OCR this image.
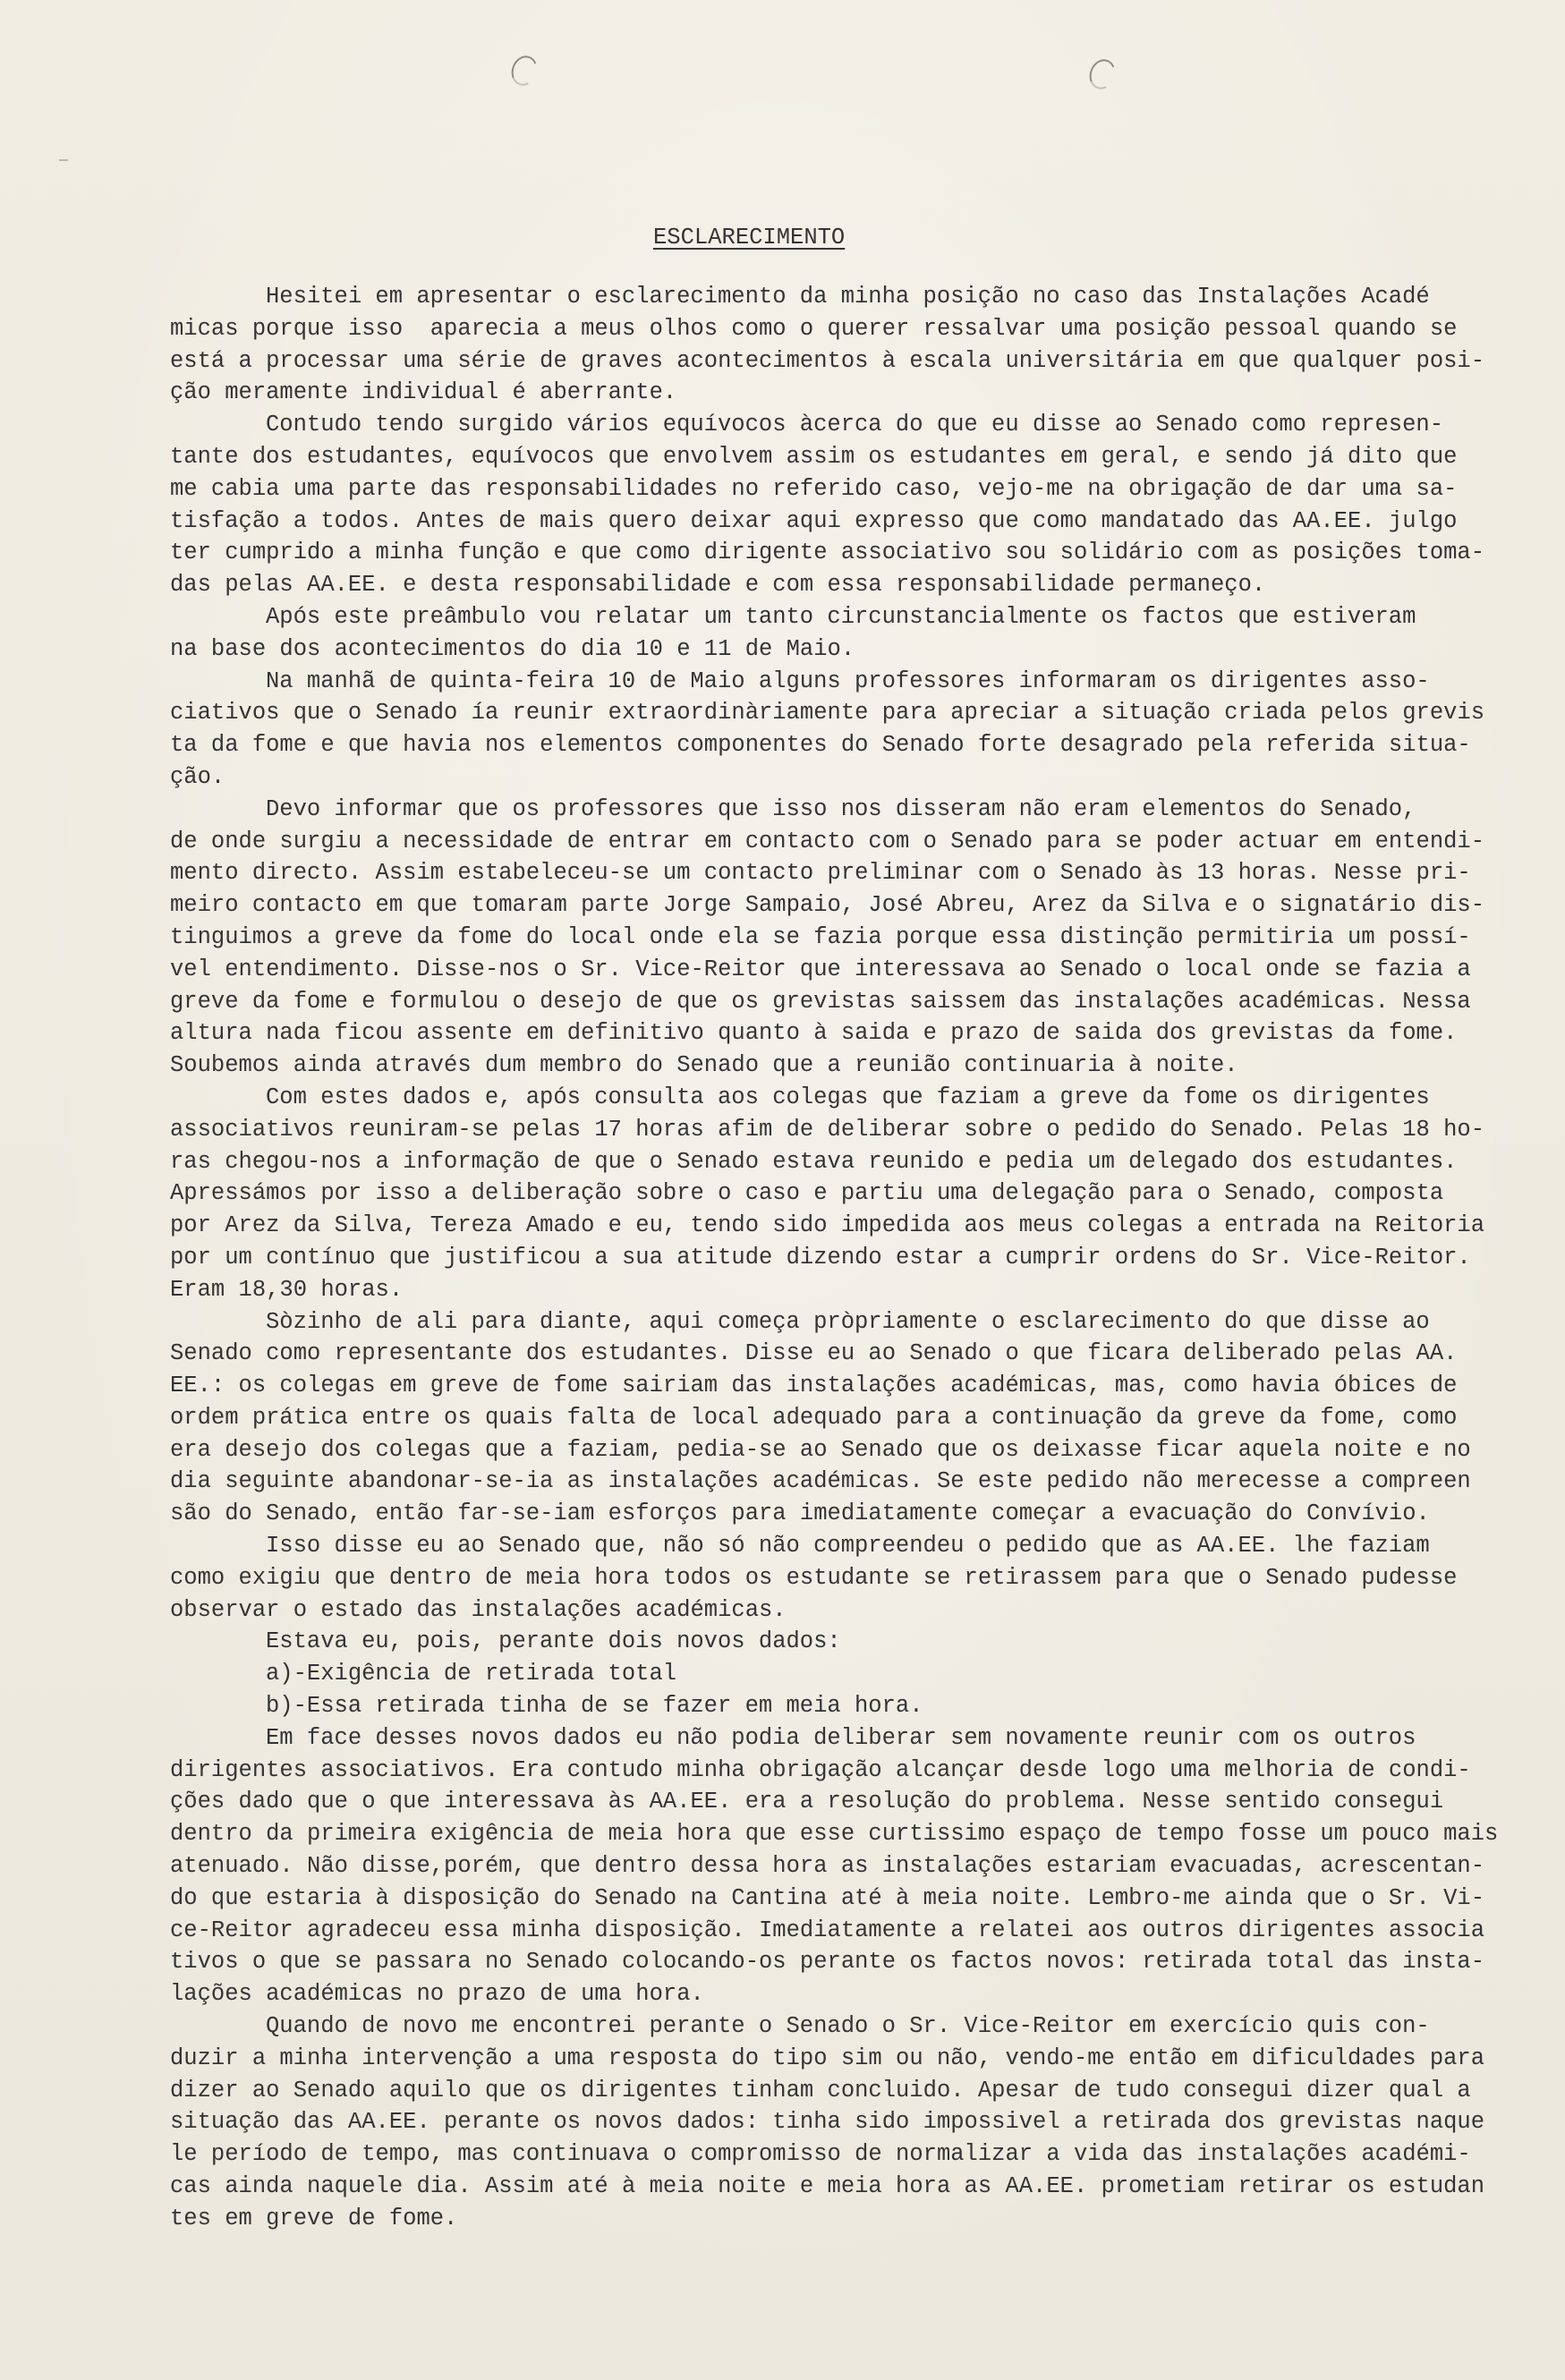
ESCLARECIMENTO
Hesitei em apresentar o esclarecimento da minha posição no caso das Instalações Acadé
micas porque isso  aparecia a meus olhos como o querer ressalvar uma posição pessoal quando se
está a processar uma série de graves acontecimentos à escala universitária em que qualquer posi-
ção meramente individual é aberrante.
Contudo tendo surgido vários equívocos àcerca do que eu disse ao Senado como represen-
tante dos estudantes, equívocos que envolvem assim os estudantes em geral, e sendo já dito que
me cabia uma parte das responsabilidades no referido caso, vejo-me na obrigação de dar uma sa-
tisfação a todos. Antes de mais quero deixar aqui expresso que como mandatado das AA.EE. julgo
ter cumprido a minha função e que como dirigente associativo sou solidário com as posições toma-
das pelas AA.EE. e desta responsabilidade e com essa responsabilidade permaneço.
Após este preâmbulo vou relatar um tanto circunstancialmente os factos que estiveram
na base dos acontecimentos do dia 10 e 11 de Maio.
Na manhã de quinta-feira 10 de Maio alguns professores informaram os dirigentes asso-
ciativos que o Senado ía reunir extraordinàriamente para apreciar a situação criada pelos grevis
ta da fome e que havia nos elementos componentes do Senado forte desagrado pela referida situa-
ção.
Devo informar que os professores que isso nos disseram não eram elementos do Senado,
de onde surgiu a necessidade de entrar em contacto com o Senado para se poder actuar em entendi-
mento directo. Assim estabeleceu-se um contacto preliminar com o Senado às 13 horas. Nesse pri-
meiro contacto em que tomaram parte Jorge Sampaio, José Abreu, Arez da Silva e o signatário dis-
tinguimos a greve da fome do local onde ela se fazia porque essa distinção permitiria um possí-
vel entendimento. Disse-nos o Sr. Vice-Reitor que interessava ao Senado o local onde se fazia a
greve da fome e formulou o desejo de que os grevistas saissem das instalações académicas. Nessa
altura nada ficou assente em definitivo quanto à saida e prazo de saida dos grevistas da fome.
Soubemos ainda através dum membro do Senado que a reunião continuaria à noite.
Com estes dados e, após consulta aos colegas que faziam a greve da fome os dirigentes
associativos reuniram-se pelas 17 horas afim de deliberar sobre o pedido do Senado. Pelas 18 ho-
ras chegou-nos a informação de que o Senado estava reunido e pedia um delegado dos estudantes.
Apressámos por isso a deliberação sobre o caso e partiu uma delegação para o Senado, composta
por Arez da Silva, Tereza Amado e eu, tendo sido impedida aos meus colegas a entrada na Reitoria
por um contínuo que justificou a sua atitude dizendo estar a cumprir ordens do Sr. Vice-Reitor.
Eram 18,30 horas.
Sòzinho de ali para diante, aqui começa pròpriamente o esclarecimento do que disse ao
Senado como representante dos estudantes. Disse eu ao Senado o que ficara deliberado pelas AA.
EE.: os colegas em greve de fome sairiam das instalações académicas, mas, como havia óbices de
ordem prática entre os quais falta de local adequado para a continuação da greve da fome, como
era desejo dos colegas que a faziam, pedia-se ao Senado que os deixasse ficar aquela noite e no
dia seguinte abandonar-se-ia as instalações académicas. Se este pedido não merecesse a compreen
são do Senado, então far-se-iam esforços para imediatamente começar a evacuação do Convívio.
Isso disse eu ao Senado que, não só não compreendeu o pedido que as AA.EE. lhe faziam
como exigiu que dentro de meia hora todos os estudante se retirassem para que o Senado pudesse
observar o estado das instalações académicas.
Estava eu, pois, perante dois novos dados:
a)-Exigência de retirada total
b)-Essa retirada tinha de se fazer em meia hora.
Em face desses novos dados eu não podia deliberar sem novamente reunir com os outros
dirigentes associativos. Era contudo minha obrigação alcançar desde logo uma melhoria de condi-
ções dado que o que interessava às AA.EE. era a resolução do problema. Nesse sentido consegui
dentro da primeira exigência de meia hora que esse curtissimo espaço de tempo fosse um pouco mais
atenuado. Não disse,porém, que dentro dessa hora as instalações estariam evacuadas, acrescentan-
do que estaria à disposição do Senado na Cantina até à meia noite. Lembro-me ainda que o Sr. Vi-
ce-Reitor agradeceu essa minha disposição. Imediatamente a relatei aos outros dirigentes associa
tivos o que se passara no Senado colocando-os perante os factos novos: retirada total das insta-
lações académicas no prazo de uma hora.
Quando de novo me encontrei perante o Senado o Sr. Vice-Reitor em exercício quis con-
duzir a minha intervenção a uma resposta do tipo sim ou não, vendo-me então em dificuldades para
dizer ao Senado aquilo que os dirigentes tinham concluido. Apesar de tudo consegui dizer qual a
situação das AA.EE. perante os novos dados: tinha sido impossivel a retirada dos grevistas naque
le período de tempo, mas continuava o compromisso de normalizar a vida das instalações académi-
cas ainda naquele dia. Assim até à meia noite e meia hora as AA.EE. prometiam retirar os estudan
tes em greve de fome.
